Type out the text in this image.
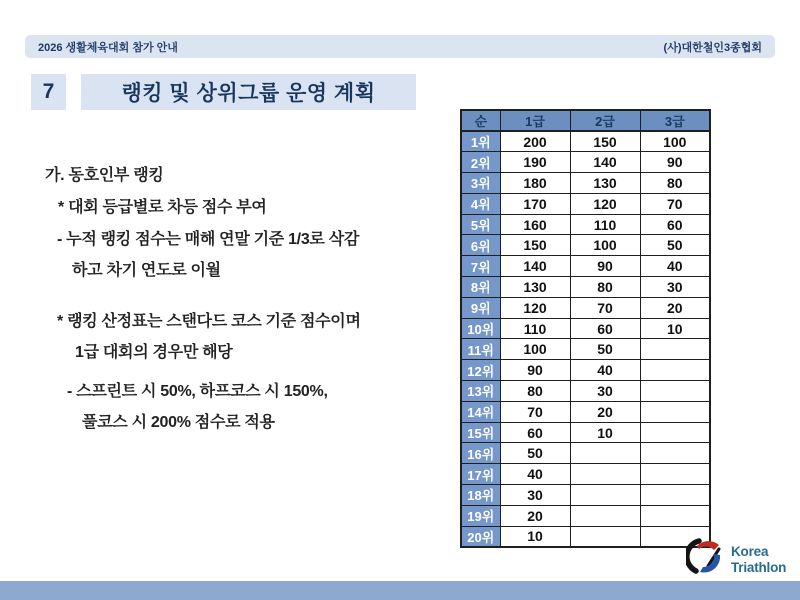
2026 생활체육대회 참가 안내	(사)대한철인3종협회
7	랭킹 및 상위그룹 운영 계획
가. 동호인부 랭킹
* 대회 등급별로 차등 점수 부여
- 누적 랭킹 점수는 매해 연말 기준 1/3로 삭감
하고 차기 연도로 이월
* 랭킹 산정표는 스탠다드 코스 기준 점수이며
1급 대회의 경우만 해당
- 스프린트 시 50%, 하프코스 시 150%,
풀코스 시 200% 점수로 적용
순	1급	2급	3급
1위	200	150	100
2위	190	140	90
3위	180	130	80
4위	170	120	70
5위	160	110	60
6위	150	100	50
7위	140	90	40
8위	130	80	30
9위	120	70	20
10위	110	60	10
11위	100	50	
12위	90	40	
13위	80	30	
14위	70	20	
15위	60	10	
16위	50		
17위	40		
18위	30		
19위	20		
20위	10		
Korea
Triathlon
